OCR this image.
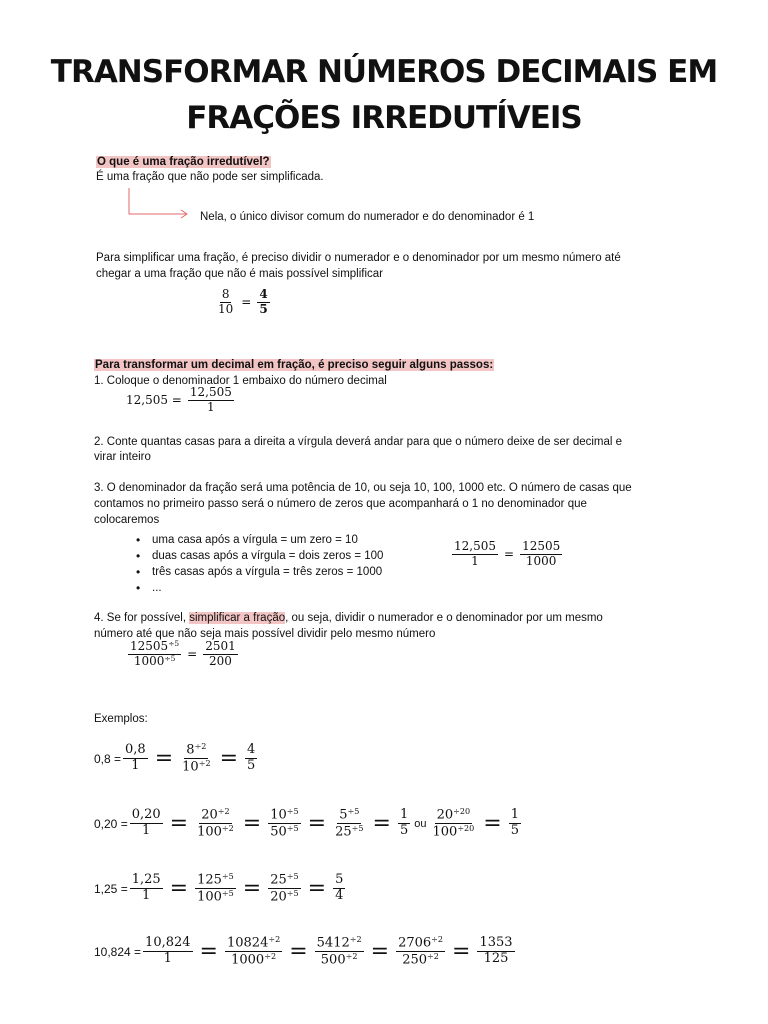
TRANSFORMAR NÚMEROS DECIMAIS EM
FRAÇÕES IRREDUTÍVEIS
O que é uma fração irredutível?
É uma fração que não pode ser simplificada.
Nela, o único divisor comum do numerador e do denominador é 1
Para simplificar uma fração, é preciso dividir o numerador e o denominador por um mesmo número até
chegar a uma fração que não é mais possível simplificar
$\frac{8}{10} = \frac{4}{5}$
Para transformar um decimal em fração, é preciso seguir alguns passos:
1. Coloque o denominador 1 embaixo do número decimal
$12,505 = \frac{12,505}{1}$
2. Conte quantas casas para a direita a vírgula deverá andar para que o número deixe de ser decimal e
virar inteiro
3. O denominador da fração será uma potência de 10, ou seja 10, 100, 1000 etc. O número de casas que
contamos no primeiro passo será o número de zeros que acompanhará o 1 no denominador que
colocaremos
• uma casa após a vírgula = um zero = 10
• duas casas após a vírgula = dois zeros = 100
• três casas após a vírgula = três zeros = 1000
• ...
$\frac{12,505}{1} = \frac{12505}{1000}$
4. Se for possível, simplificar a fração, ou seja, dividir o numerador e o denominador por um mesmo
número até que não seja mais possível dividir pelo mesmo número
$\frac{12505^{\div 5}}{1000^{\div 5}} = \frac{2501}{200}$
Exemplos:
$0,8 = \frac{0,8}{1} = \frac{8^{\div 2}}{10^{\div 2}} = \frac{4}{5}$
$0,20 = \frac{0,20}{1} = \frac{20^{\div 2}}{100^{\div 2}} = \frac{10^{\div 5}}{50^{\div 5}} = \frac{5^{\div 5}}{25^{\div 5}} = \frac{1}{5}$ ou $\frac{20^{\div 20}}{100^{\div 20}} = \frac{1}{5}$
$1,25 = \frac{1,25}{1} = \frac{125^{\div 5}}{100^{\div 5}} = \frac{25^{\div 5}}{20^{\div 5}} = \frac{5}{4}$
$10,824 = \frac{10,824}{1} = \frac{10824^{\div 2}}{1000^{\div 2}} = \frac{5412^{\div 2}}{500^{\div 2}} = \frac{2706^{\div 2}}{250^{\div 2}} = \frac{1353}{125}$
